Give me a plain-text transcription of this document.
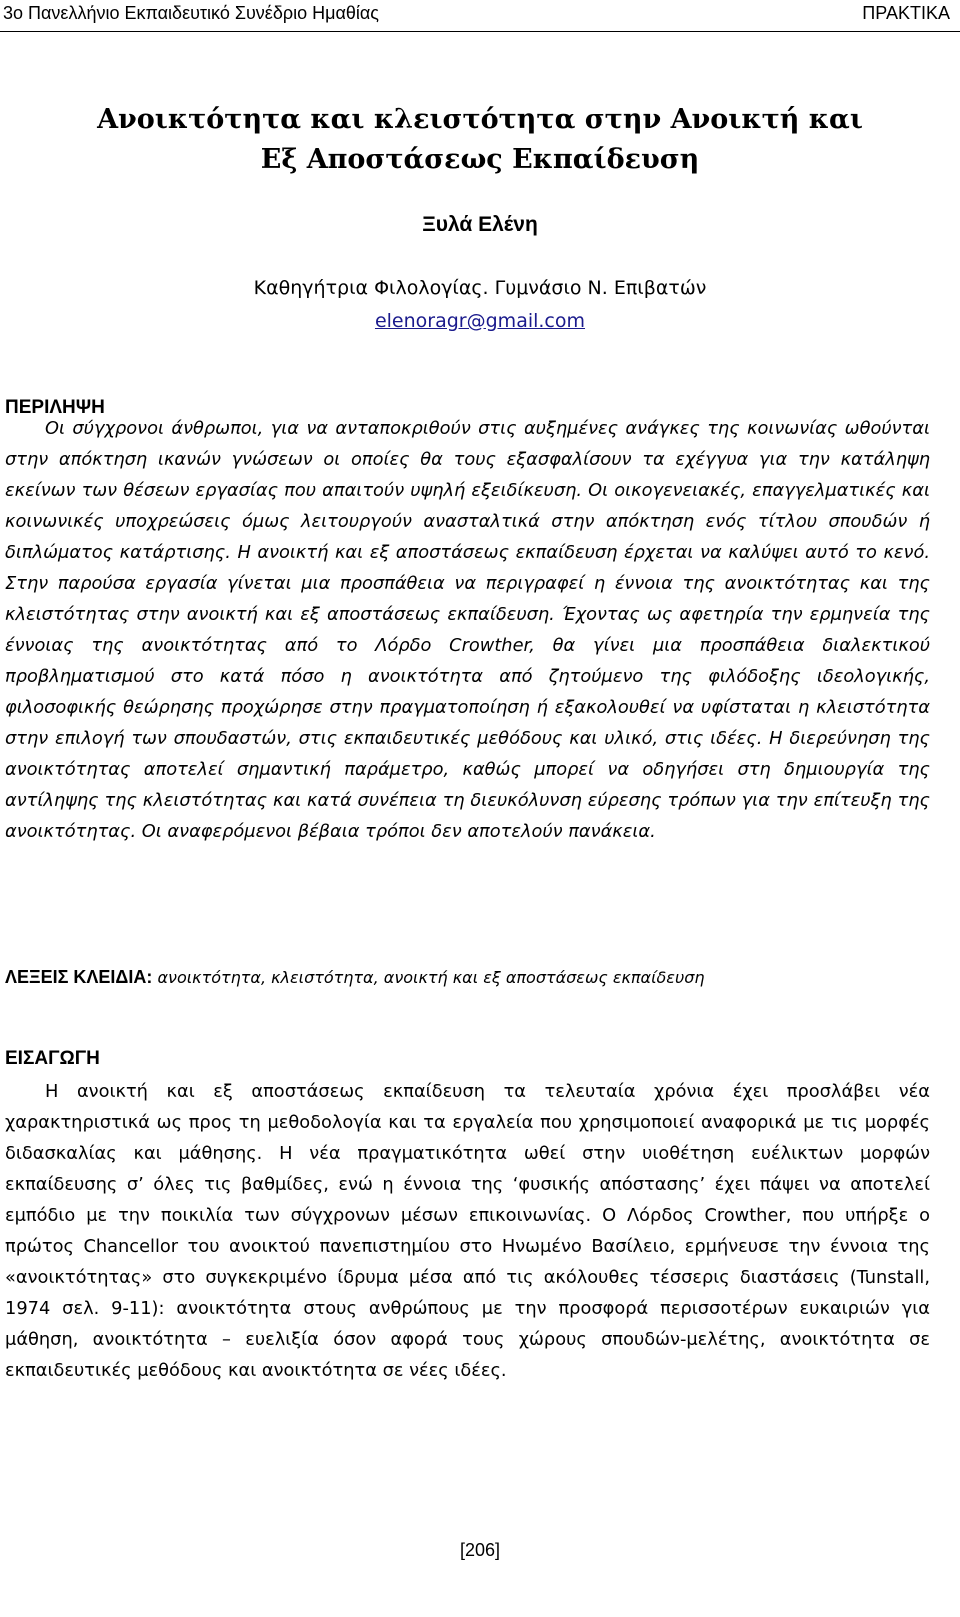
3ο Πανελλήνιο Εκπαιδευτικό Συνέδριο Ημαθίας	ΠΡΑΚΤΙΚΑ
Ανοικτότητα και κλειστότητα στην Ανοικτή και
Εξ Αποστάσεως Εκπαίδευση
Ξυλά Ελένη
Καθηγήτρια Φιλολογίας. Γυμνάσιο Ν. Επιβατών
elenoragr@gmail.com
ΠΕΡΙΛΗΨΗ

Οι σύγχρονοι άνθρωποι, για να ανταποκριθούν στις αυξημένες ανάγκες της κοινωνίας ωθούνται στην απόκτηση ικανών γνώσεων οι οποίες θα τους εξασφαλίσουν τα εχέγγυα για την κατάληψη εκείνων των θέσεων εργασίας που απαιτούν υψηλή εξειδίκευση. Οι οικογενειακές, επαγγελματικές και κοινωνικές υποχρεώσεις όμως λειτουργούν ανασταλτικά στην απόκτηση ενός τίτλου σπουδών ή διπλώματος κατάρτισης. Η ανοικτή και εξ αποστάσεως εκπαίδευση έρχεται να καλύψει αυτό το κενό. Στην παρούσα εργασία γίνεται μια προσπάθεια να περιγραφεί η έννοια της ανοικτότητας και της κλειστότητας στην ανοικτή και εξ αποστάσεως εκπαίδευση. Έχοντας ως αφετηρία την ερμηνεία της έννοιας της ανοικτότητας από το Λόρδο Crowther, θα γίνει μια προσπάθεια διαλεκτικού προβληματισμού στο κατά πόσο η ανοικτότητα από ζητούμενο της φιλόδοξης ιδεολογικής, φιλοσοφικής θεώρησης προχώρησε στην πραγματοποίηση ή εξακολουθεί να υφίσταται η κλειστότητα στην επιλογή των σπουδαστών, στις εκπαιδευτικές μεθόδους και υλικό, στις ιδέες. Η διερεύνηση της ανοικτότητας αποτελεί σημαντική παράμετρο, καθώς μπορεί να οδηγήσει στη δημιουργία της αντίληψης της κλειστότητας και κατά συνέπεια τη διευκόλυνση εύρεσης τρόπων για την επίτευξη της ανοικτότητας. Οι αναφερόμενοι βέβαια τρόποι δεν αποτελούν πανάκεια.

ΛΕΞΕΙΣ ΚΛΕΙΔΙΑ: ανοικτότητα, κλειστότητα, ανοικτή και εξ αποστάσεως εκπαίδευση
ΕΙΣΑΓΩΓΗ

Η ανοικτή και εξ αποστάσεως εκπαίδευση τα τελευταία χρόνια έχει προσλάβει νέα χαρακτηριστικά ως προς τη μεθοδολογία και τα εργαλεία που χρησιμοποιεί αναφορικά με τις μορφές διδασκαλίας και μάθησης. Η νέα πραγματικότητα ωθεί στην υιοθέτηση ευέλικτων μορφών εκπαίδευσης σ’ όλες τις βαθμίδες, ενώ η έννοια της ‘φυσικής απόστασης’ έχει πάψει να αποτελεί εμπόδιο με την ποικιλία των σύγχρονων μέσων επικοινωνίας. Ο Λόρδος Crowther, που υπήρξε ο πρώτος Chancellor του ανοικτού πανεπιστημίου στο Ηνωμένο Βασίλειο, ερμήνευσε την έννοια της «ανοικτότητας» στο συγκεκριμένο ίδρυμα μέσα από τις ακόλουθες τέσσερις διαστάσεις (Tunstall, 1974 σελ. 9-11): ανοικτότητα στους ανθρώπους με την προσφορά περισσοτέρων ευκαιριών για μάθηση, ανοικτότητα – ευελιξία όσον αφορά τους χώρους σπουδών-μελέτης, ανοικτότητα σε εκπαιδευτικές μεθόδους και ανοικτότητα σε νέες ιδέες.

[206]
